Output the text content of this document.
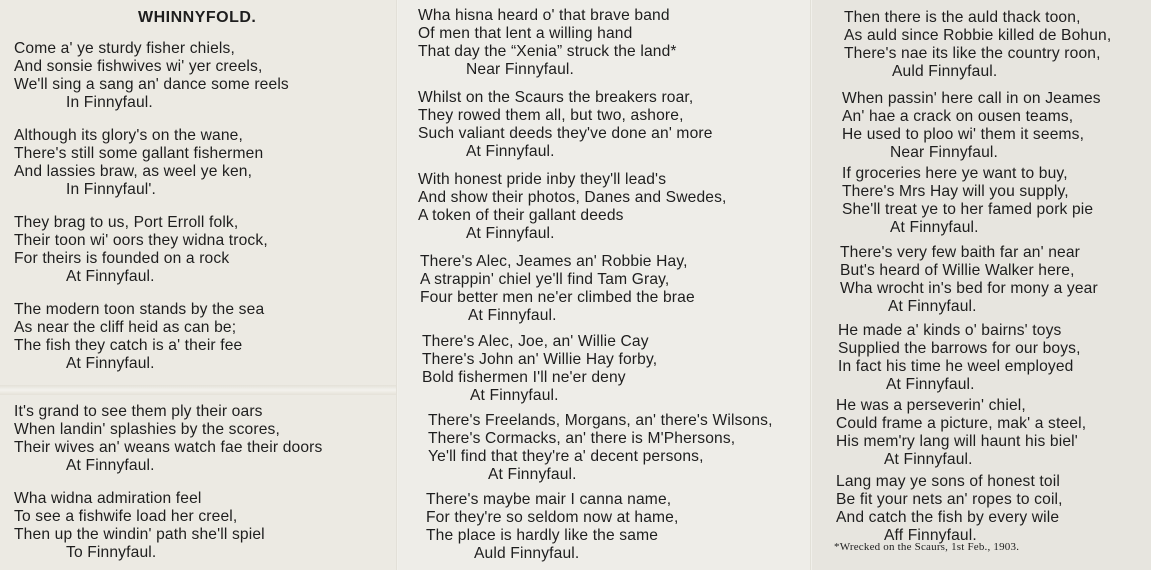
WHINNYFOLD.

Come a' ye sturdy fisher chiels,
And sonsie fishwives wi' yer creels,
We'll sing a sang an' dance some reels
In Finnyfaul.

Although its glory's on the wane,
There's still some gallant fishermen
And lassies braw, as weel ye ken,
In Finnyfaul'.

They brag to us, Port Erroll folk,
Their toon wi' oors they widna trock,
For theirs is founded on a rock
At Finnyfaul.

The modern toon stands by the sea
As near the cliff heid as can be;
The fish they catch is a' their fee
At Finnyfaul.

It's grand to see them ply their oars
When landin' splashies by the scores,
Their wives an' weans watch fae their doors
At Finnyfaul.

Wha widna admiration feel
To see a fishwife load her creel,
Then up the windin' path she'll spiel
To Finnyfaul.

Wha hisna heard o' that brave band
Of men that lent a willing hand
That day the “Xenia” struck the land*
Near Finnyfaul.

Whilst on the Scaurs the breakers roar,
They rowed them all, but two, ashore,
Such valiant deeds they've done an' more
At Finnyfaul.

With honest pride inby they'll lead's
And show their photos, Danes and Swedes,
A token of their gallant deeds
At Finnyfaul.

There's Alec, Jeames an' Robbie Hay,
A strappin' chiel ye'll find Tam Gray,
Four better men ne'er climbed the brae
At Finnyfaul.

There's Alec, Joe, an' Willie Cay
There's John an' Willie Hay forby,
Bold fishermen I'll ne'er deny
At Finnyfaul.

There's Freelands, Morgans, an' there's Wilsons,
There's Cormacks, an' there is M'Phersons,
Ye'll find that they're a' decent persons,
At Finnyfaul.

There's maybe mair I canna name,
For they're so seldom now at hame,
The place is hardly like the same
Auld Finnyfaul.

Then there is the auld thack toon,
As auld since Robbie killed de Bohun,
There's nae its like the country roon,
Auld Finnyfaul.

When passin' here call in on Jeames
An' hae a crack on ousen teams,
He used to ploo wi' them it seems,
Near Finnyfaul.

If groceries here ye want to buy,
There's Mrs Hay will you supply,
She'll treat ye to her famed pork pie
At Finnyfaul.

There's very few baith far an' near
But's heard of Willie Walker here,
Wha wrocht in's bed for mony a year
At Finnyfaul.

He made a' kinds o' bairns' toys
Supplied the barrows for our boys,
In fact his time he weel employed
At Finnyfaul.

He was a perseverin' chiel,
Could frame a picture, mak' a steel,
His mem'ry lang will haunt his biel'
At Finnyfaul.

Lang may ye sons of honest toil
Be fit your nets an' ropes to coil,
And catch the fish by every wile
Aff Finnyfaul.

*Wrecked on the Scaurs, 1st Feb., 1903.
